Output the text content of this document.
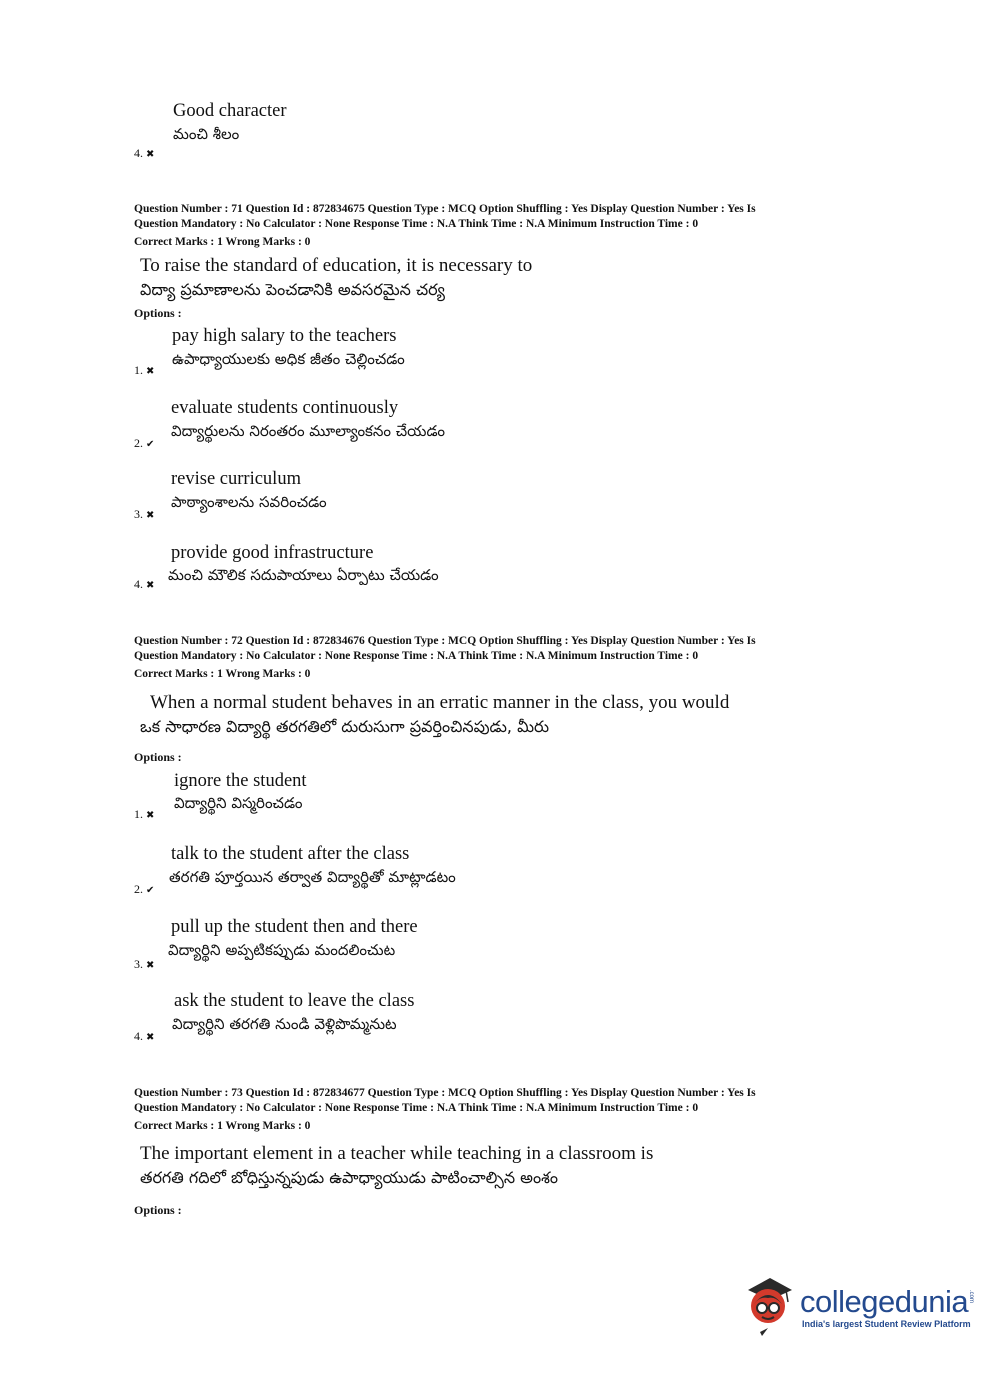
Good character
మంచి శీలం
4. ✖
Question Number : 71 Question Id : 872834675 Question Type : MCQ Option Shuffling : Yes Display Question Number : Yes Is
Question Mandatory : No Calculator : None Response Time : N.A Think Time : N.A Minimum Instruction Time : 0
Correct Marks : 1 Wrong Marks : 0
To raise the standard of education, it is necessary to
విద్యా ప్రమాణాలను పెంచడానికి అవసరమైన చర్య
Options :
pay high salary to the teachers
ఉపాధ్యాయులకు అధిక జీతం చెల్లించడం
1. ✖
evaluate students continuously
విద్యార్థులను నిరంతరం మూల్యాంకనం చేయడం
2. ✔
revise curriculum
పాఠ్యాంశాలను సవరించడం
3. ✖
provide good infrastructure
మంచి మౌలిక సదుపాయాలు ఏర్పాటు చేయడం
4. ✖
Question Number : 72 Question Id : 872834676 Question Type : MCQ Option Shuffling : Yes Display Question Number : Yes Is
Question Mandatory : No Calculator : None Response Time : N.A Think Time : N.A Minimum Instruction Time : 0
Correct Marks : 1 Wrong Marks : 0
When a normal student behaves in an erratic manner in the class, you would
ఒక సాధారణ విద్యార్థి తరగతిలో దురుసుగా ప్రవర్తించినపుడు, మీరు
Options :
ignore the student
విద్యార్థిని విస్మరించడం
1. ✖
talk to the student after the class
తరగతి పూర్తయిన తర్వాత విద్యార్థితో మాట్లాడటం
2. ✔
pull up the student then and there
విద్యార్థిని అప్పటికప్పుడు మందలించుట
3. ✖
ask the student to leave the class
విద్యార్థిని తరగతి నుండి వెళ్లిపొమ్మనుట
4. ✖
Question Number : 73 Question Id : 872834677 Question Type : MCQ Option Shuffling : Yes Display Question Number : Yes Is
Question Mandatory : No Calculator : None Response Time : N.A Think Time : N.A Minimum Instruction Time : 0
Correct Marks : 1 Wrong Marks : 0
The important element in a teacher while teaching in a classroom is
తరగతి గదిలో బోధిస్తున్నపుడు ఉపాధ్యాయుడు పాటించాల్సిన అంశం
Options :
collegedunia .com
India's largest Student Review Platform
